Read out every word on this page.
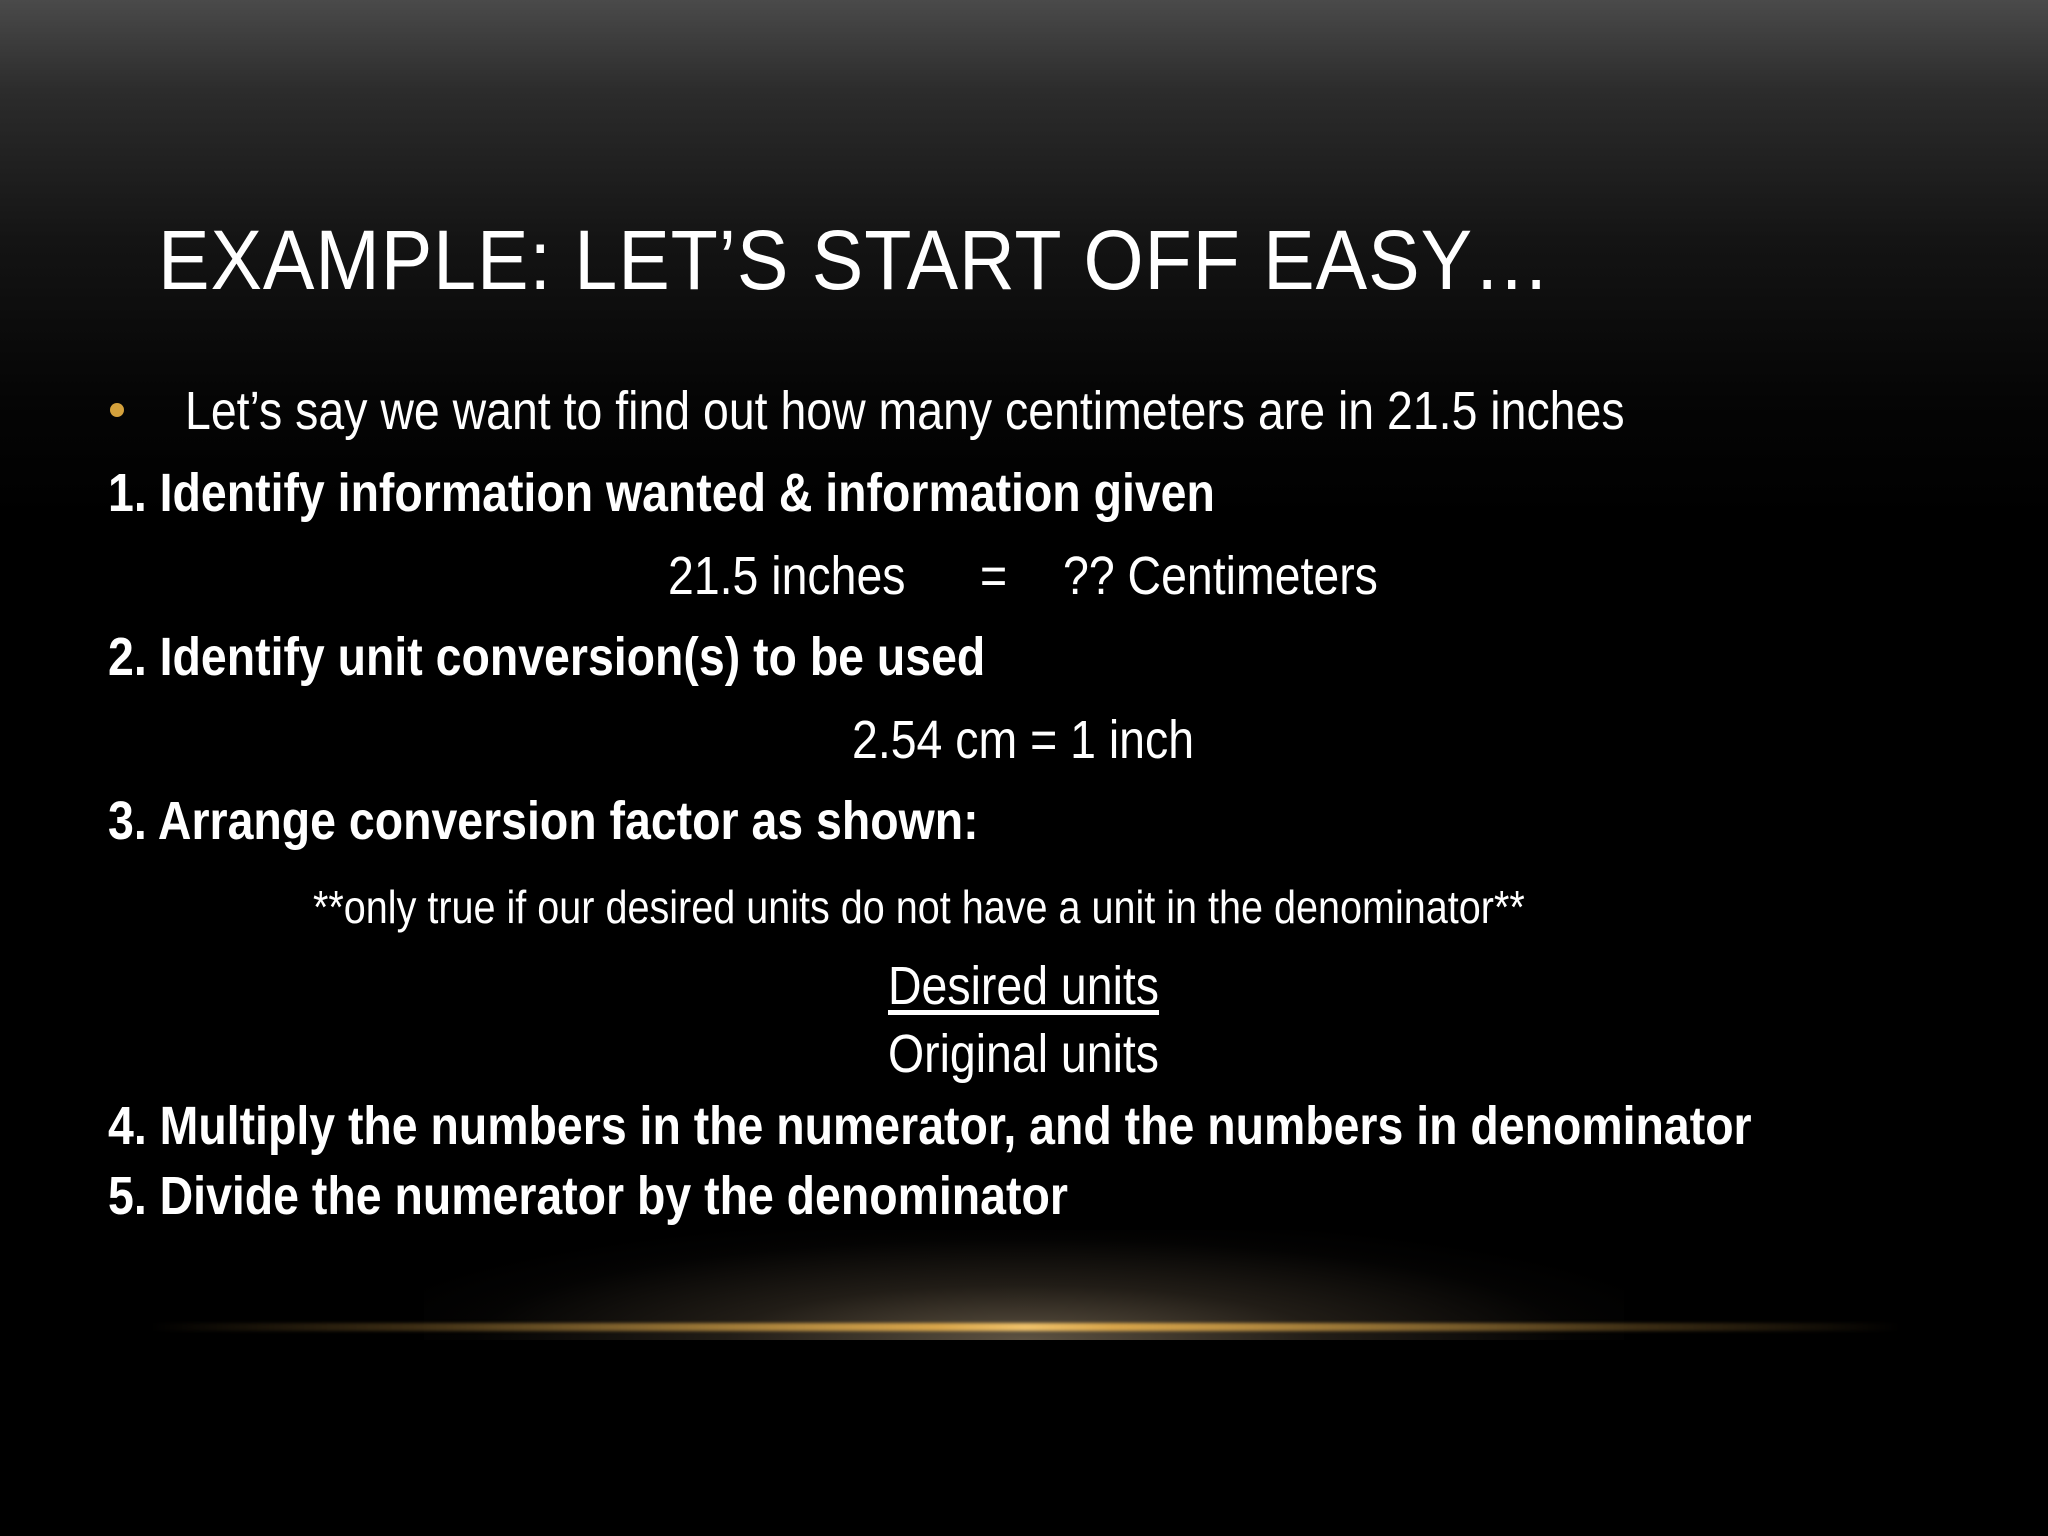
EXAMPLE: LET’S START OFF EASY…
Let’s say we want to find out how many centimeters are in 21.5 inches
1. Identify information wanted & information given
21.5 inches = ?? Centimeters
2. Identify unit conversion(s) to be used
2.54 cm = 1 inch
3. Arrange conversion factor as shown:
**only true if our desired units do not have a unit in the denominator**
Desired units
Original units
4. Multiply the numbers in the numerator, and the numbers in denominator
5. Divide the numerator by the denominator
